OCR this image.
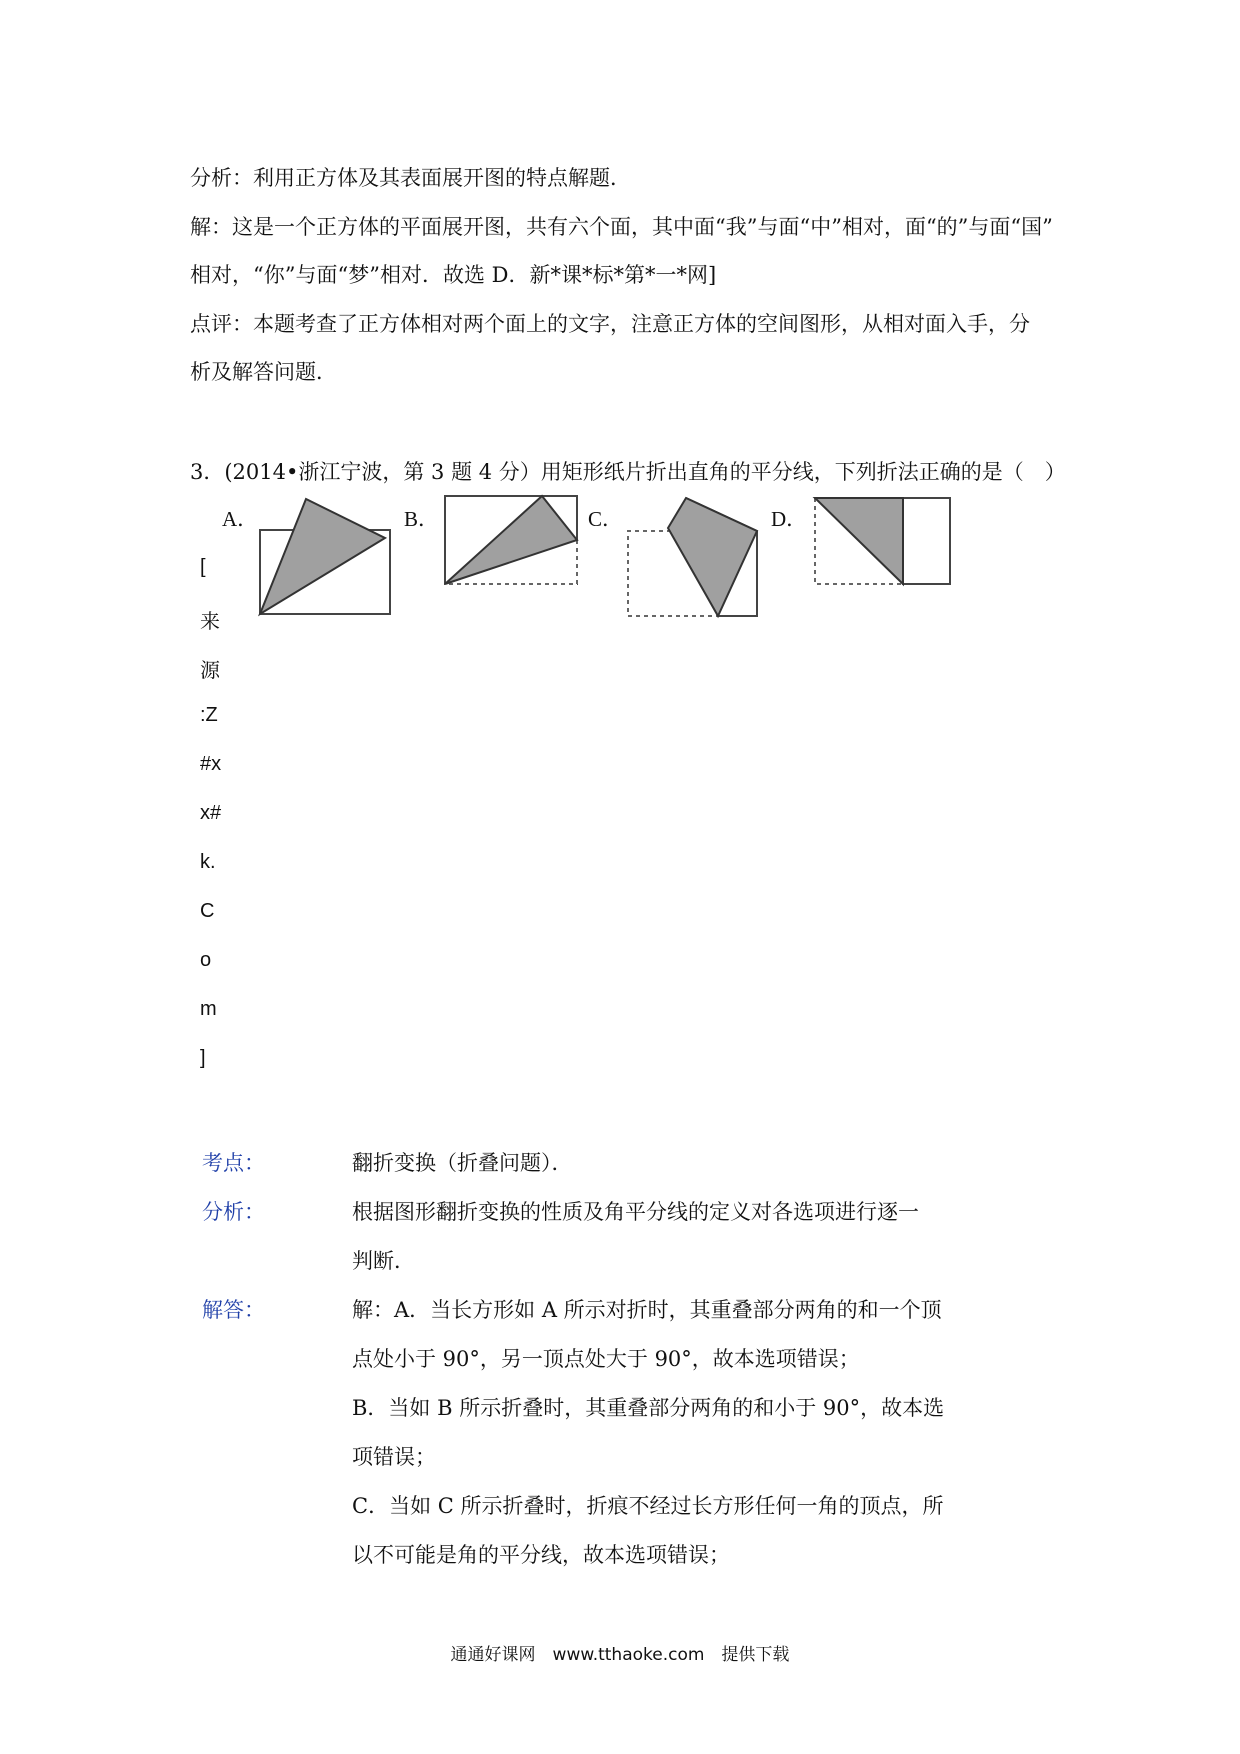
分析：利用正方体及其表面展开图的特点解题．
解：这是一个正方体的平面展开图，共有六个面，其中面“我”与面“中”相对，面“的”与面“国”
相对，“你”与面“梦”相对．故选 D．新*课*标*第*一*网]
点评：本题考查了正方体相对两个面上的文字，注意正方体的空间图形，从相对面入手，分
析及解答问题．
3．(2014•浙江宁波，第 3 题 4 分）用矩形纸片折出直角的平分线，下列折法正确的是（　）
A．	B．	C．	D．
[
来
源
:Z
#x
x#
k.
C
o
m
]
考点：	翻折变换（折叠问题）．
分析：	根据图形翻折变换的性质及角平分线的定义对各选项进行逐一
判断．
解答：	解：A．当长方形如 A 所示对折时，其重叠部分两角的和一个顶
点处小于 90°，另一顶点处大于 90°，故本选项错误；
B．当如 B 所示折叠时，其重叠部分两角的和小于 90°，故本选
项错误；
C．当如 C 所示折叠时，折痕不经过长方形任何一角的顶点，所
以不可能是角的平分线，故本选项错误；
通通好课网　www.tthaoke.com　提供下载
